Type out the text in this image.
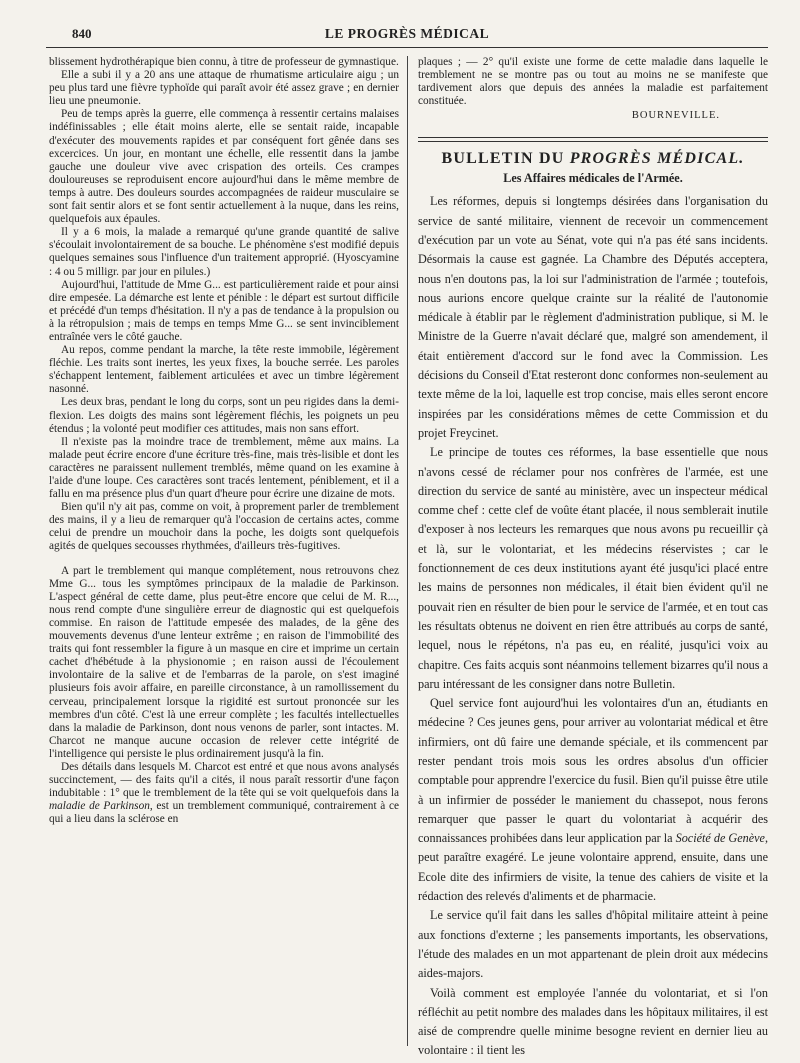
840	LE PROGRÈS MÉDICAL

blissement hydrothérapique bien connu, à titre de professeur de gymnastique.

Elle a subi il y a 20 ans une attaque de rhumatisme articulaire aigu ; un peu plus tard une fièvre typhoïde qui paraît avoir été assez grave ; en dernier lieu une pneumonie.

Peu de temps après la guerre, elle commença à ressentir certains malaises indéfinissables ; elle était moins alerte, elle se sentait raide, incapable d'exécuter des mouvements rapides et par conséquent fort gênée dans ses excercices. Un jour, en montant une échelle, elle ressentit dans la jambe gauche une douleur vive avec crispation des orteils. Ces crampes douloureuses se reproduisent encore aujourd'hui dans le même membre de temps à autre. Des douleurs sourdes accompagnées de raideur musculaire se sont fait sentir alors et se font sentir actuellement à la nuque, dans les reins, quelquefois aux épaules.

Il y a 6 mois, la malade a remarqué qu'une grande quantité de salive s'écoulait involontairement de sa bouche. Le phénomène s'est modifié depuis quelques semaines sous l'influence d'un traitement approprié. (Hyoscyamine : 4 ou 5 milligr. par jour en pilules.)

Aujourd'hui, l'attitude de Mme G... est particulièrement raide et pour ainsi dire empesée. La démarche est lente et pénible : le départ est surtout difficile et précédé d'un temps d'hésitation. Il n'y a pas de tendance à la propulsion ou à la rétropulsion ; mais de temps en temps Mme G... se sent invinciblement entraînée vers le côté gauche.

Au repos, comme pendant la marche, la tête reste immobile, légèrement fléchie. Les traits sont inertes, les yeux fixes, la bouche serrée. Les paroles s'échappent lentement, faiblement articulées et avec un timbre légèrement nasonné.

Les deux bras, pendant le long du corps, sont un peu rigides dans la demi-flexion. Les doigts des mains sont légèrement fléchis, les poignets un peu étendus ; la volonté peut modifier ces attitudes, mais non sans effort.

Il n'existe pas la moindre trace de tremblement, même aux mains. La malade peut écrire encore d'une écriture très-fine, mais très-lisible et dont les caractères ne paraissent nullement tremblés, même quand on les examine à l'aide d'une loupe. Ces caractères sont tracés lentement, péniblement, et il a fallu en ma présence plus d'un quart d'heure pour écrire une dizaine de mots.

Bien qu'il n'y ait pas, comme on voit, à proprement parler de tremblement des mains, il y a lieu de remarquer qu'à l'occasion de certains actes, comme celui de prendre un mouchoir dans la poche, les doigts sont quelquefois agités de quelques secousses rhythmées, d'ailleurs très-fugitives.

A part le tremblement qui manque complétement, nous retrouvons chez Mme G... tous les symptômes principaux de la maladie de Parkinson. L'aspect général de cette dame, plus peut-être encore que celui de M. R..., nous rend compte d'une singulière erreur de diagnostic qui est quelquefois commise. En raison de l'attitude empesée des malades, de la gêne des mouvements devenus d'une lenteur extrême ; en raison de l'immobilité des traits qui font ressembler la figure à un masque en cire et imprime un certain cachet d'hébétude à la physionomie ; en raison aussi de l'écoulement involontaire de la salive et de l'embarras de la parole, on s'est imaginé plusieurs fois avoir affaire, en pareille circonstance, à un ramollissement du cerveau, principalement lorsque la rigidité est surtout prononcée sur les membres d'un côté. C'est là une erreur complète ; les facultés intellectuelles dans la maladie de Parkinson, dont nous venons de parler, sont intactes. M. Charcot ne manque aucune occasion de relever cette intégrité de l'intelligence qui persiste le plus ordinairement jusqu'à la fin.

Des détails dans lesquels M. Charcot est entré et que nous avons analysés succinctement, — des faits qu'il a cités, il nous paraît ressortir d'une façon indubitable : 1° que le tremblement de la tête qui se voit quelquefois dans la maladie de Parkinson, est un tremblement communiqué, contrairement à ce qui a lieu dans la sclérose en

plaques ; — 2° qu'il existe une forme de cette maladie dans laquelle le tremblement ne se montre pas ou tout au moins ne se manifeste que tardivement alors que depuis des années la maladie est parfaitement constituée.

BOURNEVILLE.

BULLETIN DU PROGRÈS MÉDICAL.
Les Affaires médicales de l'Armée.

Les réformes, depuis si longtemps désirées dans l'organisation du service de santé militaire, viennent de recevoir un commencement d'exécution par un vote au Sénat, vote qui n'a pas été sans incidents. Désormais la cause est gagnée. La Chambre des Députés acceptera, nous n'en doutons pas, la loi sur l'administration de l'armée ; toutefois, nous aurions encore quelque crainte sur la réalité de l'autonomie médicale à établir par le règlement d'administration publique, si M. le Ministre de la Guerre n'avait déclaré que, malgré son amendement, il était entièrement d'accord sur le fond avec la Commission. Les décisions du Conseil d'Etat resteront donc conformes non-seulement au texte même de la loi, laquelle est trop concise, mais elles seront encore inspirées par les considérations mêmes de cette Commission et du projet Freycinet.

Le principe de toutes ces réformes, la base essentielle que nous n'avons cessé de réclamer pour nos confrères de l'armée, est une direction du service de santé au ministère, avec un inspecteur médical comme chef : cette clef de voûte étant placée, il nous semblerait inutile d'exposer à nos lecteurs les remarques que nous avons pu recueillir çà et là, sur le volontariat, et les médecins réservistes ; car le fonctionnement de ces deux institutions ayant été jusqu'ici placé entre les mains de personnes non médicales, il était bien évident qu'il ne pouvait rien en résulter de bien pour le service de l'armée, et en tout cas les résultats obtenus ne doivent en rien être attribués au corps de santé, lequel, nous le répétons, n'a pas eu, en réalité, jusqu'ici voix au chapitre. Ces faits acquis sont néanmoins tellement bizarres qu'il nous a paru intéressant de les consigner dans notre Bulletin.

Quel service font aujourd'hui les volontaires d'un an, étudiants en médecine ? Ces jeunes gens, pour arriver au volontariat médical et être infirmiers, ont dû faire une demande spéciale, et ils commencent par rester pendant trois mois sous les ordres absolus d'un officier comptable pour apprendre l'exercice du fusil. Bien qu'il puisse être utile à un infirmier de posséder le maniement du chassepot, nous ferons remarquer que passer le quart du volontariat à acquérir des connaissances prohibées dans leur application par la Société de Genève, peut paraître exagéré. Le jeune volontaire apprend, ensuite, dans une Ecole dite des infirmiers de visite, la tenue des cahiers de visite et la rédaction des relevés d'aliments et de pharmacie.

Le service qu'il fait dans les salles d'hôpital militaire atteint à peine aux fonctions d'externe ; les pansements importants, les observations, l'étude des malades en un mot appartenant de plein droit aux médecins aides-majors.

Voilà comment est employée l'année du volontariat, et si l'on réfléchit au petit nombre des malades dans les hôpitaux militaires, il est aisé de comprendre quelle minime besogne revient en dernier lieu au volontaire : il tient les
